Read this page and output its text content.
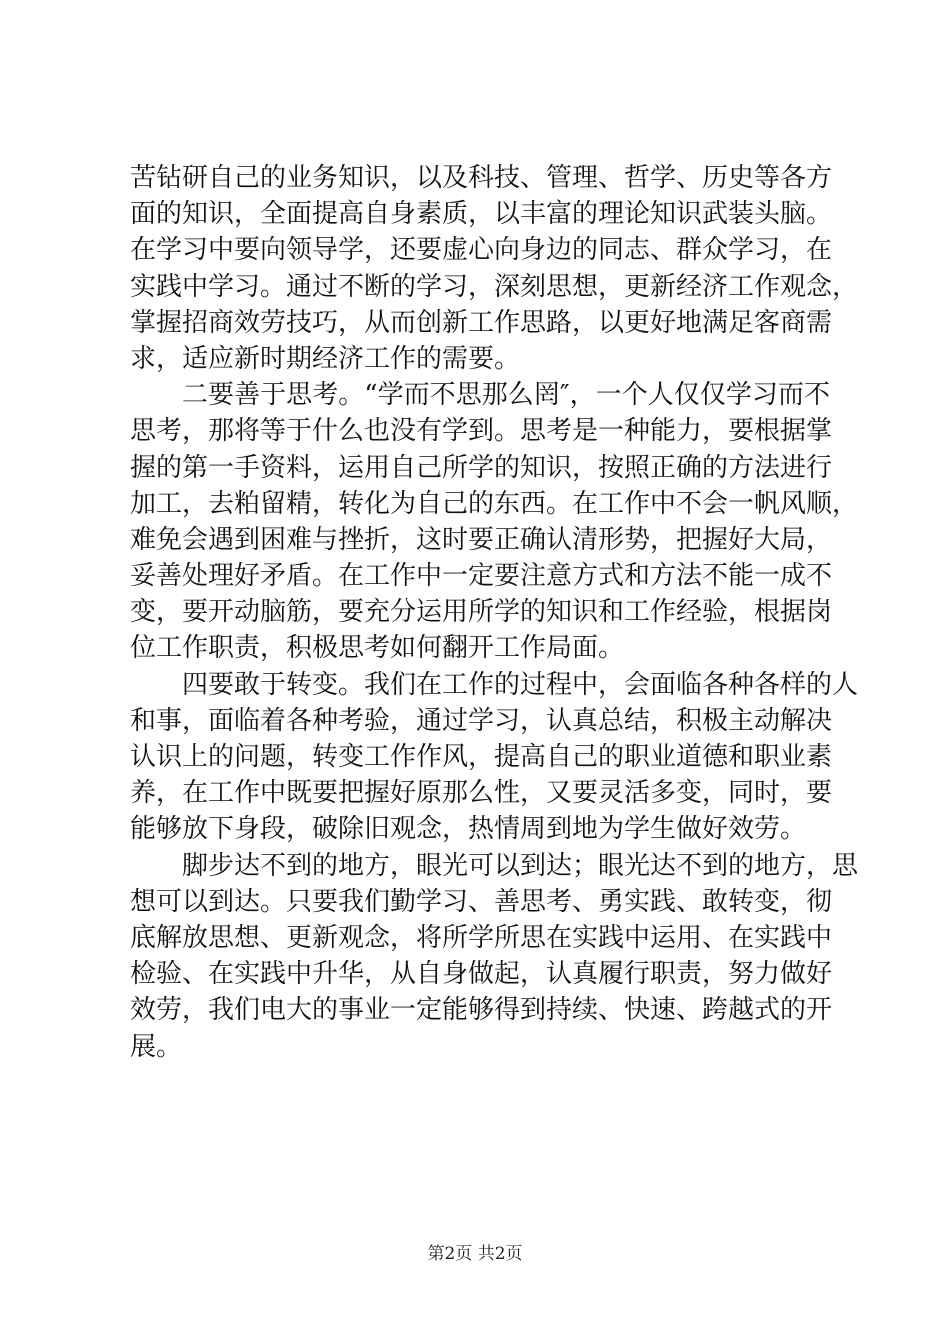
苦钻研自己的业务知识，以及科技、管理、哲学、历史等各方
面的知识，全面提高自身素质，以丰富的理论知识武装头脑。
在学习中要向领导学，还要虚心向身边的同志、群众学习，在
实践中学习。通过不断的学习，深刻思想，更新经济工作观念，
掌握招商效劳技巧，从而创新工作思路，以更好地满足客商需
求，适应新时期经济工作的需要。
二要善于思考。“学而不思那么罔″，一个人仅仅学习而不
思考，那将等于什么也没有学到。思考是一种能力，要根据掌
握的第一手资料，运用自己所学的知识，按照正确的方法进行
加工，去粕留精，转化为自己的东西。在工作中不会一帆风顺，
难免会遇到困难与挫折，这时要正确认清形势，把握好大局，
妥善处理好矛盾。在工作中一定要注意方式和方法不能一成不
变，要开动脑筋，要充分运用所学的知识和工作经验，根据岗
位工作职责，积极思考如何翻开工作局面。
四要敢于转变。我们在工作的过程中，会面临各种各样的人
和事，面临着各种考验，通过学习，认真总结，积极主动解决
认识上的问题，转变工作作风，提高自己的职业道德和职业素
养，在工作中既要把握好原那么性，又要灵活多变，同时，要
能够放下身段，破除旧观念，热情周到地为学生做好效劳。
脚步达不到的地方，眼光可以到达；眼光达不到的地方，思
想可以到达。只要我们勤学习、善思考、勇实践、敢转变，彻
底解放思想、更新观念，将所学所思在实践中运用、在实践中
检验、在实践中升华，从自身做起，认真履行职责，努力做好
效劳，我们电大的事业一定能够得到持续、快速、跨越式的开
展。
第2页 共2页
